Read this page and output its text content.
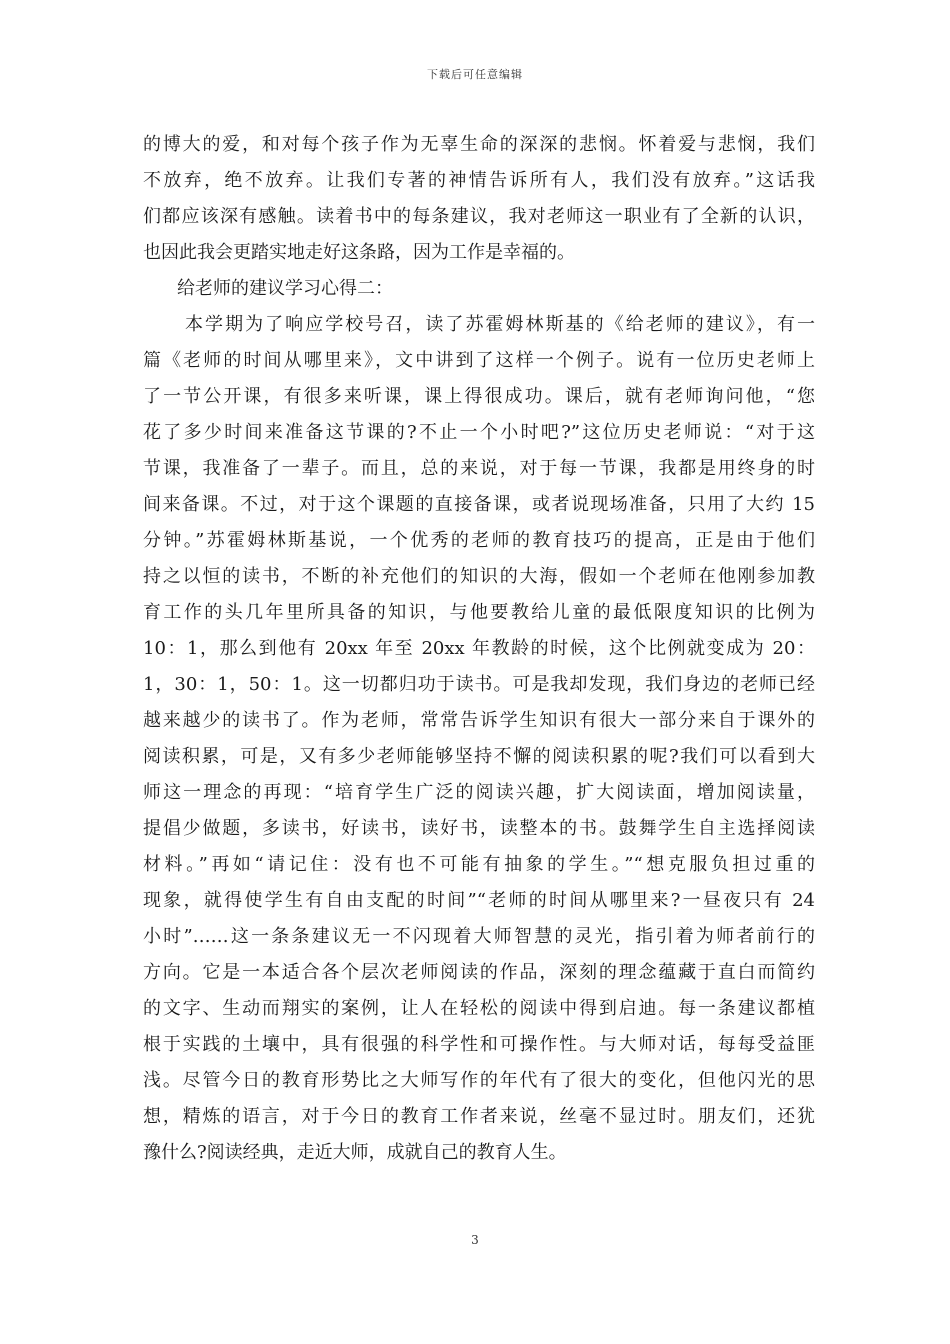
下载后可任意编辑
的博大的爱，和对每个孩子作为无辜生命的深深的悲悯。怀着爱与悲悯，我们
不放弃，绝不放弃。让我们专著的神情告诉所有人，我们没有放弃。”这话我
们都应该深有感触。读着书中的每条建议，我对老师这一职业有了全新的认识，
也因此我会更踏实地走好这条路，因为工作是幸福的。
给老师的建议学习心得二：
本学期为了响应学校号召，读了苏霍姆林斯基的《给老师的建议》，有一
篇《老师的时间从哪里来》，文中讲到了这样一个例子。说有一位历史老师上
了一节公开课，有很多来听课，课上得很成功。课后，就有老师询问他，“您
花了多少时间来准备这节课的?不止一个小时吧?”这位历史老师说：“对于这
节课，我准备了一辈子。而且，总的来说，对于每一节课，我都是用终身的时
间来备课。不过，对于这个课题的直接备课，或者说现场准备，只用了大约 15
分钟。”苏霍姆林斯基说，一个优秀的老师的教育技巧的提高，正是由于他们
持之以恒的读书，不断的补充他们的知识的大海，假如一个老师在他刚参加教
育工作的头几年里所具备的知识，与他要教给儿童的最低限度知识的比例为
10：1，那么到他有 20xx 年至 20xx 年教龄的时候，这个比例就变成为 20：
1，30：1，50：1。这一切都归功于读书。可是我却发现，我们身边的老师已经
越来越少的读书了。作为老师，常常告诉学生知识有很大一部分来自于课外的
阅读积累，可是，又有多少老师能够坚持不懈的阅读积累的呢?我们可以看到大
师这一理念的再现：“培育学生广泛的阅读兴趣，扩大阅读面，增加阅读量，
提倡少做题，多读书，好读书，读好书，读整本的书。鼓舞学生自主选择阅读
材料。”再如“请记住：没有也不可能有抽象的学生。”“想克服负担过重的
现象，就得使学生有自由支配的时间”“老师的时间从哪里来?一昼夜只有 24
小时”……这一条条建议无一不闪现着大师智慧的灵光，指引着为师者前行的
方向。它是一本适合各个层次老师阅读的作品，深刻的理念蕴藏于直白而简约
的文字、生动而翔实的案例，让人在轻松的阅读中得到启迪。每一条建议都植
根于实践的土壤中，具有很强的科学性和可操作性。与大师对话，每每受益匪
浅。尽管今日的教育形势比之大师写作的年代有了很大的变化，但他闪光的思
想，精炼的语言，对于今日的教育工作者来说，丝毫不显过时。朋友们，还犹
豫什么?阅读经典，走近大师，成就自己的教育人生。
3
